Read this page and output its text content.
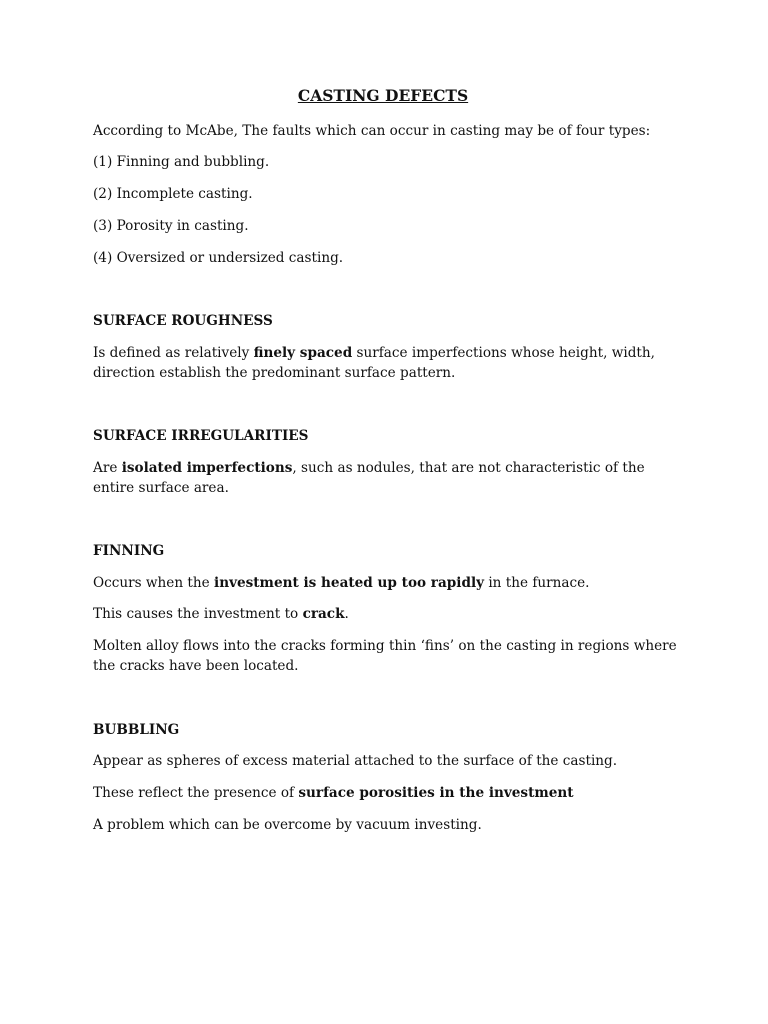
CASTING DEFECTS

According to McAbe, The faults which can occur in casting may be of four types:

(1) Finning and bubbling.

(2) Incomplete casting.

(3) Porosity in casting.

(4) Oversized or undersized casting.

SURFACE ROUGHNESS

Is defined as relatively finely spaced surface imperfections whose height, width, direction establish the predominant surface pattern.

SURFACE IRREGULARITIES

Are isolated imperfections, such as nodules, that are not characteristic of the entire surface area.

FINNING

Occurs when the investment is heated up too rapidly in the furnace.

This causes the investment to crack.

Molten alloy flows into the cracks forming thin ‘fins’ on the casting in regions where the cracks have been located.

BUBBLING

Appear as spheres of excess material attached to the surface of the casting.

These reflect the presence of surface porosities in the investment

A problem which can be overcome by vacuum investing.
